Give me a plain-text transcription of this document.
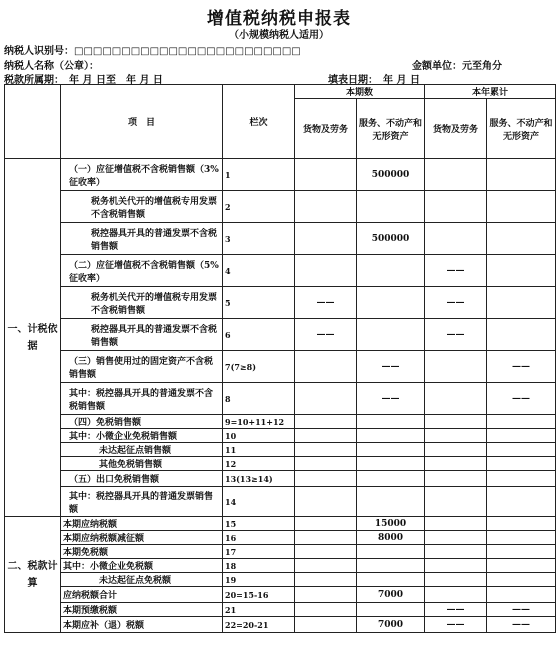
增值税纳税申报表
（小规模纳税人适用）
纳税人识别号：□□□□□□□□□□□□□□□□□□□□□□□□
纳税人名称（公章）：	金额单位：元至角分
税款所属期：　年 月 日至　年 月 日	填表日期：　年 月 日
	项　目	栏次	本期数		本年累计	
			货物及劳务	服务、不动产和无形资产	货物及劳务	服务、不动产和无形资产
一、计税依据	（一）应征增值税不含税销售额（3%征收率）	1		500000		
	税务机关代开的增值税专用发票不含税销售额	2				
	税控器具开具的普通发票不含税销售额	3		500000		
	（二）应征增值税不含税销售额（5%征收率）	4			——	
	税务机关代开的增值税专用发票不含税销售额	5	——		——	
	税控器具开具的普通发票不含税销售额	6	——		——	
	（三）销售使用过的固定资产不含税销售额	7(7≥8)		——		——
	其中：税控器具开具的普通发票不含税销售额	8		——		——
	（四）免税销售额	9=10+11+12				
	其中：小微企业免税销售额	10				
	未达起征点销售额	11				
	其他免税销售额	12				
	（五）出口免税销售额	13(13≥14)				
	其中：税控器具开具的普通发票销售额	14				
二、税款计算	本期应纳税额	15		15000		
	本期应纳税额减征额	16		8000		
	本期免税额	17				
	其中：小微企业免税额	18				
	未达起征点免税额	19				
	应纳税额合计	20=15-16		7000		
	本期预缴税额	21			——	——
	本期应补（退）税额	22=20-21		7000	——	——
